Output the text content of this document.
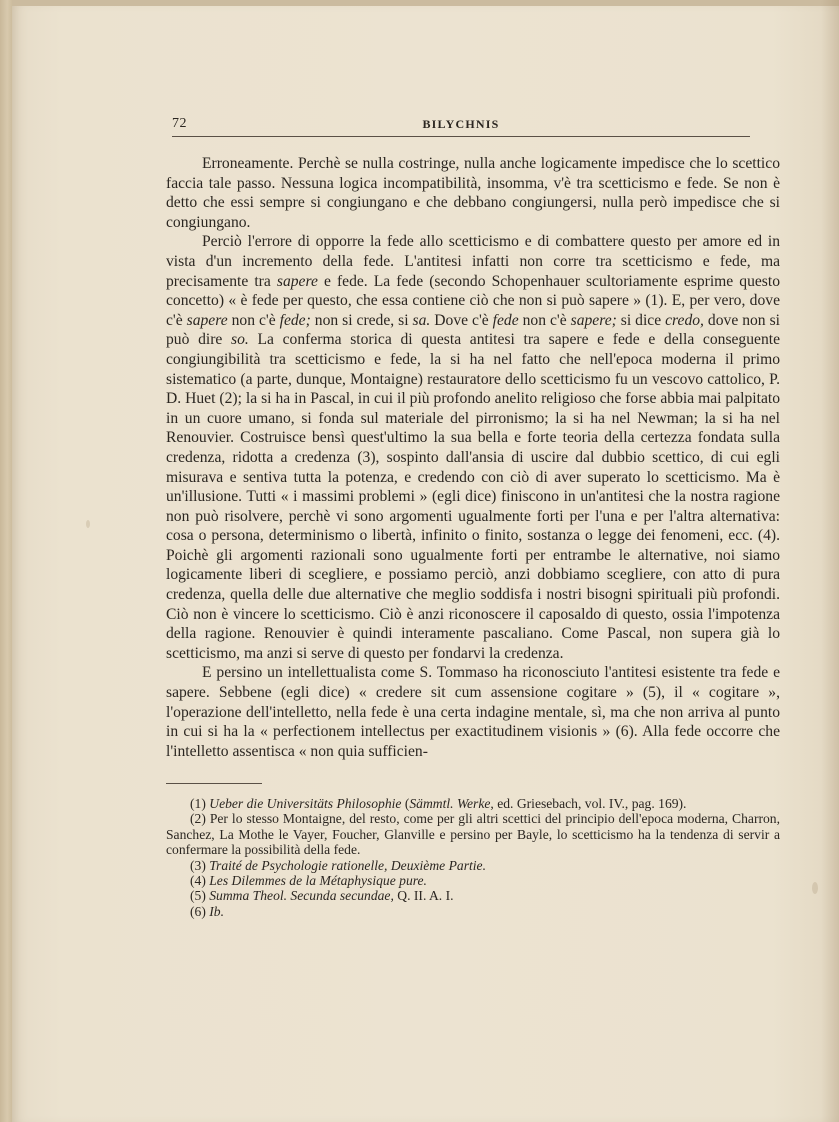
72	BILYCHNIS

Erroneamente. Perchè se nulla costringe, nulla anche logicamente impedisce che lo scettico faccia tale passo. Nessuna logica incompatibilità, insomma, v'è tra scetticismo e fede. Se non è detto che essi sempre si congiungano e che debbano congiungersi, nulla però impedisce che si congiungano.

Perciò l'errore di opporre la fede allo scetticismo e di combattere questo per amore ed in vista d'un incremento della fede. L'antitesi infatti non corre tra scetticismo e fede, ma precisamente tra sapere e fede. La fede (secondo Schopenhauer scultoriamente esprime questo concetto) « è fede per questo, che essa contiene ciò che non si può sapere » (1). E, per vero, dove c'è sapere non c'è fede; non si crede, si sa. Dove c'è fede non c'è sapere; si dice credo, dove non si può dire so. La conferma storica di questa antitesi tra sapere e fede e della conseguente congiungibilità tra scetticismo e fede, la si ha nel fatto che nell'epoca moderna il primo sistematico (a parte, dunque, Montaigne) restauratore dello scetticismo fu un vescovo cattolico, P. D. Huet (2); la si ha in Pascal, in cui il più profondo anelito religioso che forse abbia mai palpitato in un cuore umano, si fonda sul materiale del pirronismo; la si ha nel Newman; la si ha nel Renouvier. Costruisce bensì quest'ultimo la sua bella e forte teoria della certezza fondata sulla credenza, ridotta a credenza (3), sospinto dall'ansia di uscire dal dubbio scettico, di cui egli misurava e sentiva tutta la potenza, e credendo con ciò di aver superato lo scetticismo. Ma è un'illusione. Tutti « i massimi problemi » (egli dice) finiscono in un'antitesi che la nostra ragione non può risolvere, perchè vi sono argomenti ugualmente forti per l'una e per l'altra alternativa: cosa o persona, determinismo o libertà, infinito o finito, sostanza o legge dei fenomeni, ecc. (4). Poichè gli argomenti razionali sono ugualmente forti per entrambe le alternative, noi siamo logicamente liberi di scegliere, e possiamo perciò, anzi dobbiamo scegliere, con atto di pura credenza, quella delle due alternative che meglio soddisfa i nostri bisogni spirituali più profondi. Ciò non è vincere lo scetticismo. Ciò è anzi riconoscere il caposaldo di questo, ossia l'impotenza della ragione. Renouvier è quindi interamente pascaliano. Come Pascal, non supera già lo scetticismo, ma anzi si serve di questo per fondarvi la credenza.

E persino un intellettualista come S. Tommaso ha riconosciuto l'antitesi esistente tra fede e sapere. Sebbene (egli dice) « credere sit cum assensione cogitare » (5), il « cogitare », l'operazione dell'intelletto, nella fede è una certa indagine mentale, sì, ma che non arriva al punto in cui si ha la « perfectionem intellectus per exactitudinem visionis » (6). Alla fede occorre che l'intelletto assentisca « non quia sufficien-

(1) Ueber die Universitäts Philosophie (Sämmtl. Werke, ed. Griesebach, vol. IV., pag. 169).

(2) Per lo stesso Montaigne, del resto, come per gli altri scettici del principio dell'epoca moderna, Charron, Sanchez, La Mothe le Vayer, Foucher, Glanville e persino per Bayle, lo scetticismo ha la tendenza di servir a confermare la possibilità della fede.

(3) Traité de Psychologie rationelle, Deuxième Partie.

(4) Les Dilemmes de la Métaphysique pure.

(5) Summa Theol. Secunda secundae, Q. II. A. I.

(6) Ib.
